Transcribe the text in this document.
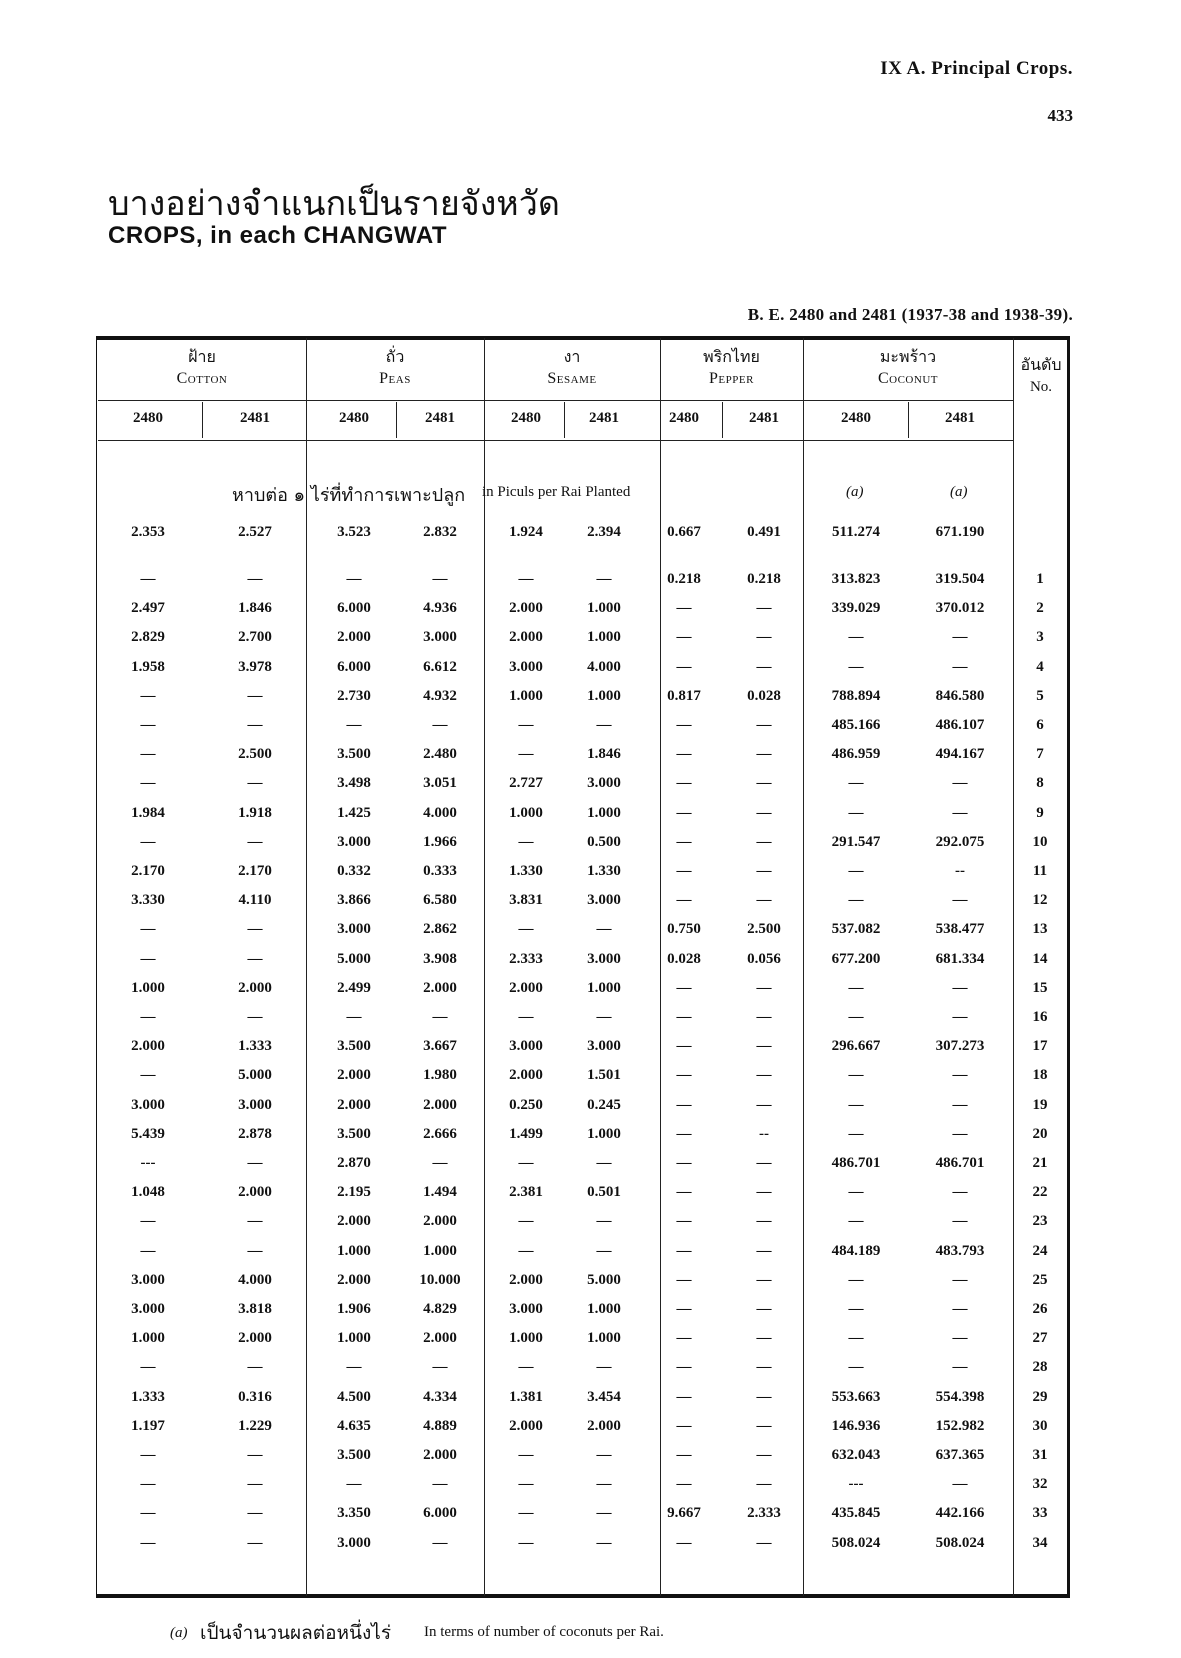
IX A. Principal Crops.
433
บางอย่างจำแนกเป็นรายจังหวัด
CROPS, in each CHANGWAT
B. E. 2480 and 2481 (1937-38 and 1938-39).
ฝ้าย
Cotton
ถั่ว
Peas
งา
Sesame
พริกไทย
Pepper
มะพร้าว
Coconut
อันดับ
No.
2480	2481	2480	2481	2480	2481	2480	2481	2480	2481
(a)	(a)
2.353	2.527	3.523	2.832	1.924	2.394	0.667	0.491	511.274	671.190
—	—	—	—	—	—	0.218	0.218	313.823	319.504	1
2.497	1.846	6.000	4.936	2.000	1.000	—	—	339.029	370.012	2
2.829	2.700	2.000	3.000	2.000	1.000	—	—	—	—	3
1.958	3.978	6.000	6.612	3.000	4.000	—	—	—	—	4
—	—	2.730	4.932	1.000	1.000	0.817	0.028	788.894	846.580	5
—	—	—	—	—	—	—	—	485.166	486.107	6
—	2.500	3.500	2.480	—	1.846	—	—	486.959	494.167	7
—	—	3.498	3.051	2.727	3.000	—	—	—	—	8
1.984	1.918	1.425	4.000	1.000	1.000	—	—	—	—	9
—	—	3.000	1.966	—	0.500	—	—	291.547	292.075	10
2.170	2.170	0.332	0.333	1.330	1.330	—	—	—	--	11
3.330	4.110	3.866	6.580	3.831	3.000	—	—	—	—	12
—	—	3.000	2.862	—	—	0.750	2.500	537.082	538.477	13
—	—	5.000	3.908	2.333	3.000	0.028	0.056	677.200	681.334	14
1.000	2.000	2.499	2.000	2.000	1.000	—	—	—	—	15
—	—	—	—	—	—	—	—	—	—	16
2.000	1.333	3.500	3.667	3.000	3.000	—	—	296.667	307.273	17
—	5.000	2.000	1.980	2.000	1.501	—	—	—	—	18
3.000	3.000	2.000	2.000	0.250	0.245	—	—	—	—	19
5.439	2.878	3.500	2.666	1.499	1.000	—	--	—	—	20
---	—	2.870	—	—	—	—	—	486.701	486.701	21
1.048	2.000	2.195	1.494	2.381	0.501	—	—	—	—	22
—	—	2.000	2.000	—	—	—	—	—	—	23
—	—	1.000	1.000	—	—	—	—	484.189	483.793	24
3.000	4.000	2.000	10.000	2.000	5.000	—	—	—	—	25
3.000	3.818	1.906	4.829	3.000	1.000	—	—	—	—	26
1.000	2.000	1.000	2.000	1.000	1.000	—	—	—	—	27
—	—	—	—	—	—	—	—	—	—	28
1.333	0.316	4.500	4.334	1.381	3.454	—	—	553.663	554.398	29
1.197	1.229	4.635	4.889	2.000	2.000	—	—	146.936	152.982	30
—	—	3.500	2.000	—	—	—	—	632.043	637.365	31
—	—	—	—	—	—	—	—	---	—	32
—	—	3.350	6.000	—	—	9.667	2.333	435.845	442.166	33
—	—	3.000	—	—	—	—	—	508.024	508.024	34
หาบต่อ ๑ ไร่ที่ทำการเพาะปลูก in Piculs per Rai Planted
(a) เป็นจำนวนผลต่อหนึ่งไร่ In terms of number of coconuts per Rai.
